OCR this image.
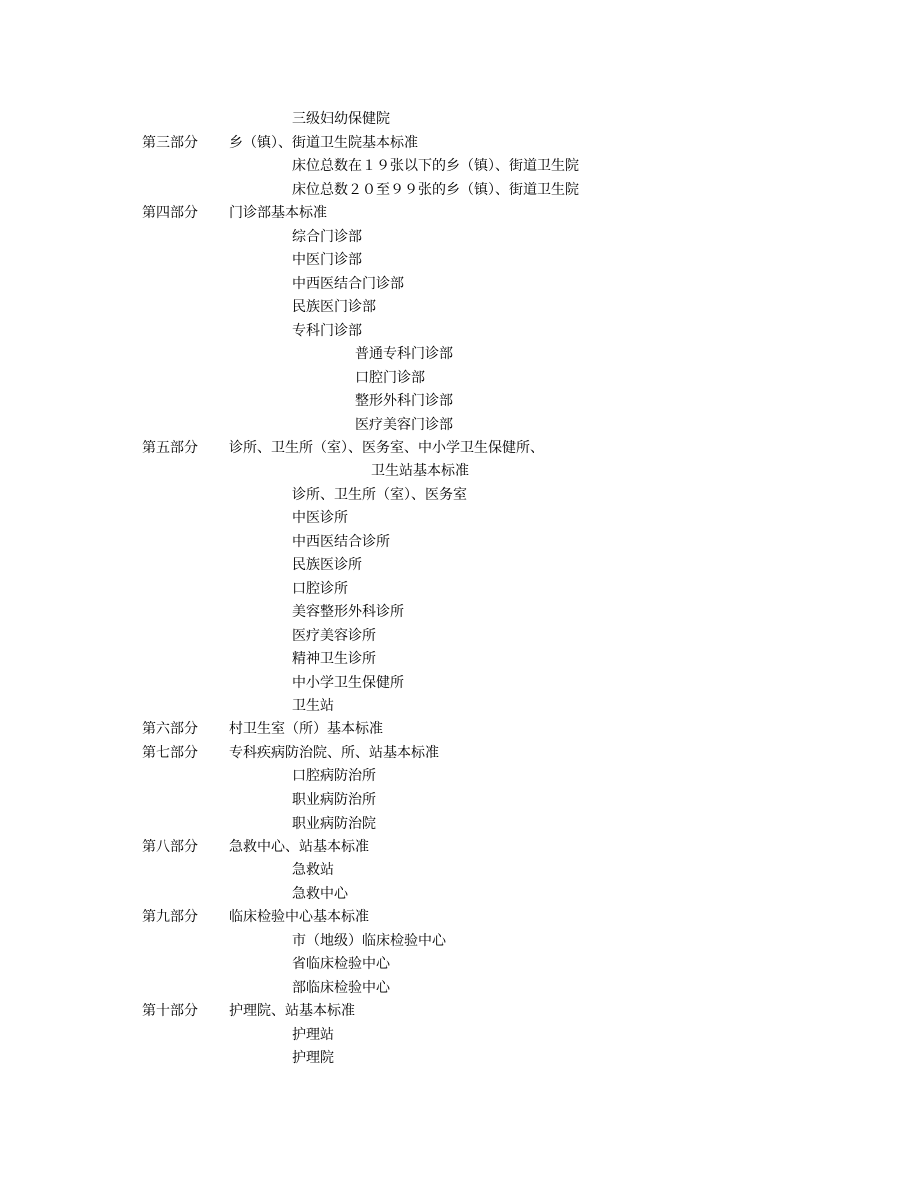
三级妇幼保健院
第三部分 乡（镇）、街道卫生院基本标准
床位总数在１９张以下的乡（镇）、街道卫生院
床位总数２０至９９张的乡（镇）、街道卫生院
第四部分 门诊部基本标准
综合门诊部
中医门诊部
中西医结合门诊部
民族医门诊部
专科门诊部
普通专科门诊部
口腔门诊部
整形外科门诊部
医疗美容门诊部
第五部分 诊所、卫生所（室）、医务室、中小学卫生保健所、
卫生站基本标准
诊所、卫生所（室）、医务室
中医诊所
中西医结合诊所
民族医诊所
口腔诊所
美容整形外科诊所
医疗美容诊所
精神卫生诊所
中小学卫生保健所
卫生站
第六部分 村卫生室（所）基本标准
第七部分 专科疾病防治院、所、站基本标准
口腔病防治所
职业病防治所
职业病防治院
第八部分 急救中心、站基本标准
急救站
急救中心
第九部分 临床检验中心基本标准
市（地级）临床检验中心
省临床检验中心
部临床检验中心
第十部分 护理院、站基本标准
护理站
护理院
